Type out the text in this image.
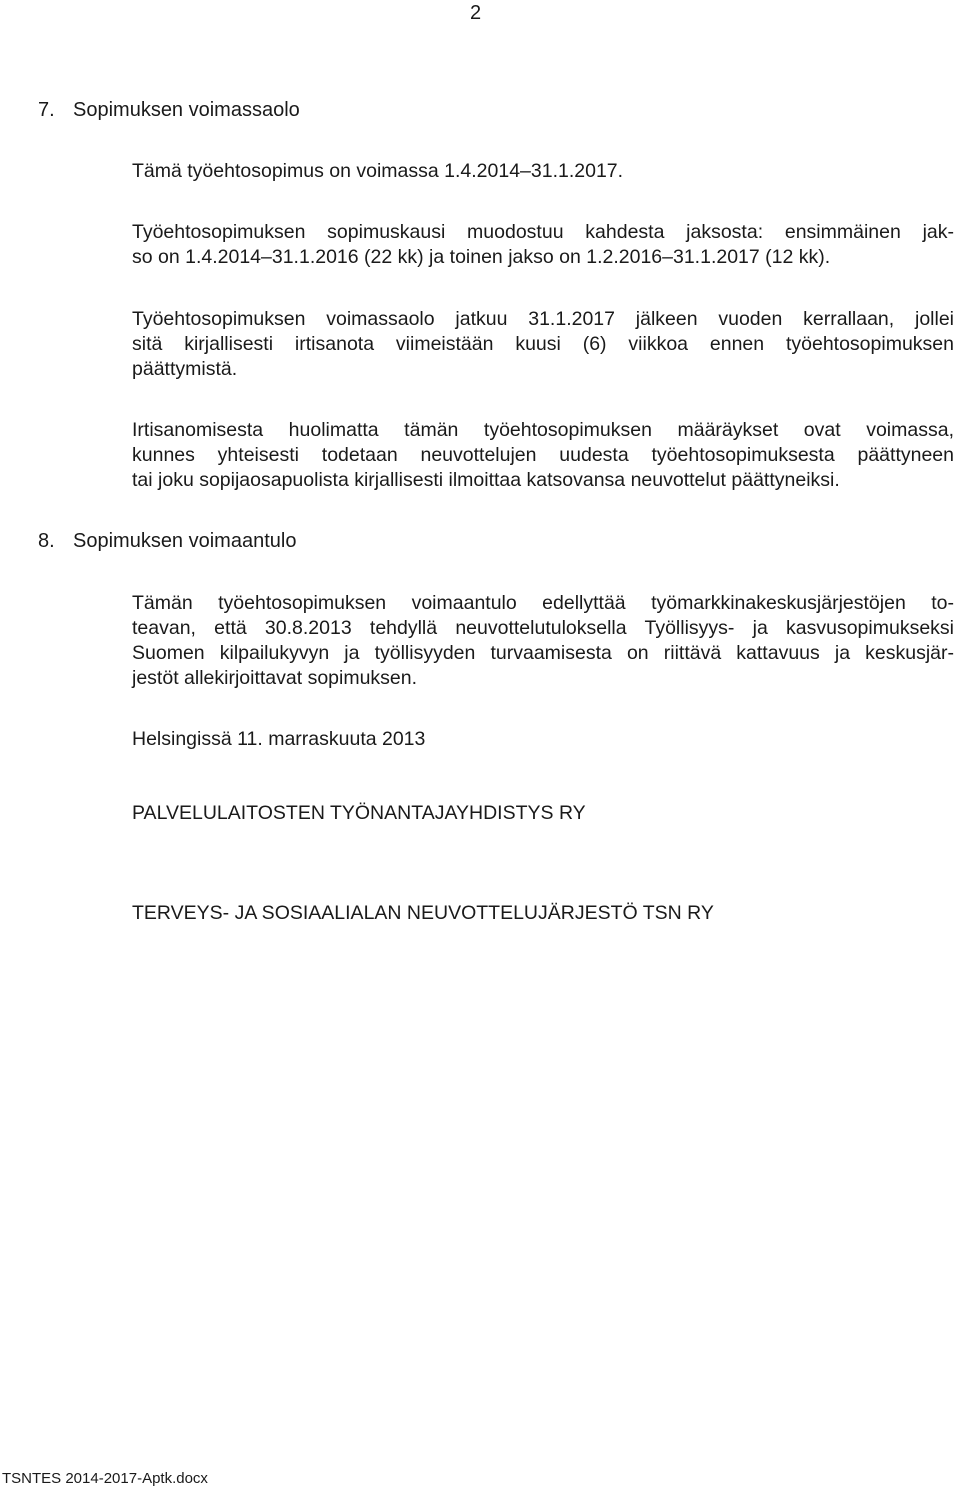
2
7. Sopimuksen voimassaolo

Tämä työehtosopimus on voimassa 1.4.2014–31.1.2017.

Työehtosopimuksen sopimuskausi muodostuu kahdesta jaksosta: ensimmäinen jak-
so on 1.4.2014–31.1.2016 (22 kk) ja toinen jakso on 1.2.2016–31.1.2017 (12 kk).
Työehtosopimuksen voimassaolo jatkuu 31.1.2017 jälkeen vuoden kerrallaan, jollei
sitä kirjallisesti irtisanota viimeistään kuusi (6) viikkoa ennen työehtosopimuksen
päättymistä.
Irtisanomisesta huolimatta tämän työehtosopimuksen määräykset ovat voimassa,
kunnes yhteisesti todetaan neuvottelujen uudesta työehtosopimuksesta päättyneen
tai joku sopijaosapuolista kirjallisesti ilmoittaa katsovansa neuvottelut päättyneiksi.
8. Sopimuksen voimaantulo
Tämän työehtosopimuksen voimaantulo edellyttää työmarkkinakeskusjärjestöjen to-
teavan, että 30.8.2013 tehdyllä neuvottelutuloksella Työllisyys- ja kasvusopimukseksi
Suomen kilpailukyvyn ja työllisyyden turvaamisesta on riittävä kattavuus ja keskusjär-
jestöt allekirjoittavat sopimuksen.

Helsingissä 11. marraskuuta 2013

PALVELULAITOSTEN TYÖNANTAJAYHDISTYS RY

TERVEYS- JA SOSIAALIALAN NEUVOTTELUJÄRJESTÖ TSN RY

TSNTES 2014-2017-Aptk.docx
